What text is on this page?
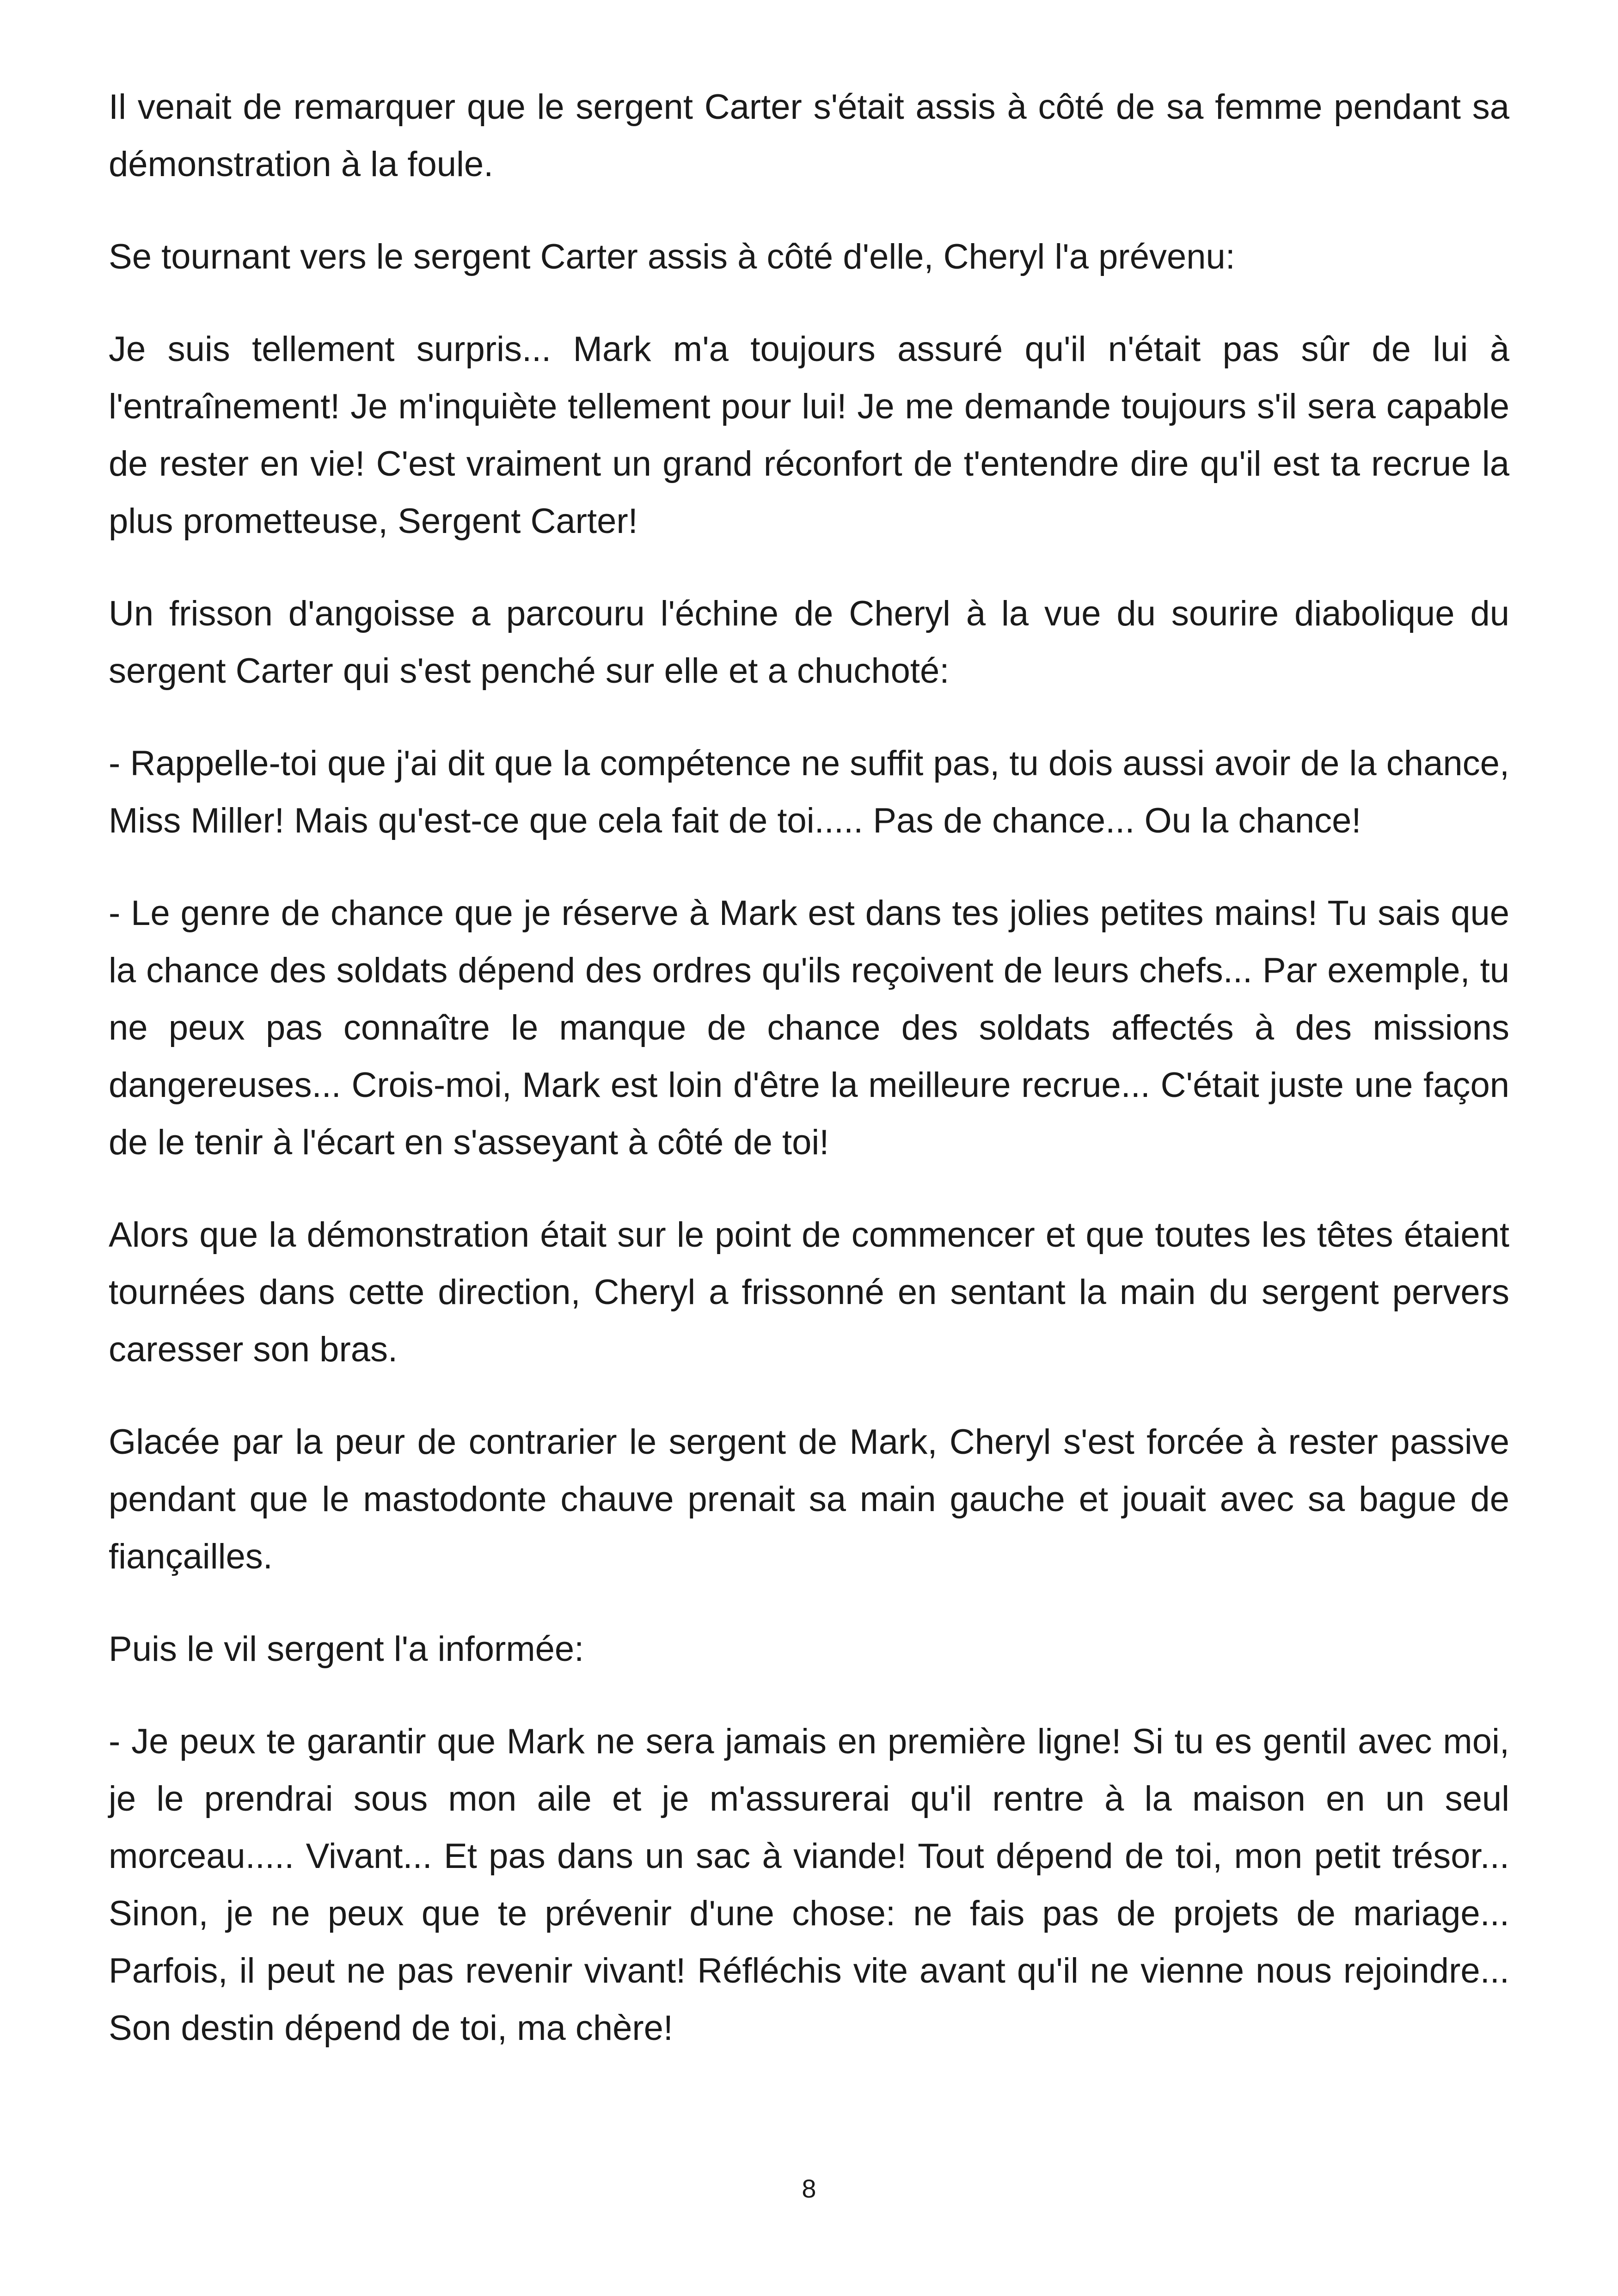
Il venait de remarquer que le sergent Carter s'était assis à côté de sa femme pendant sa démonstration à la foule.

Se tournant vers le sergent Carter assis à côté d'elle, Cheryl l'a prévenu:

Je suis tellement surpris... Mark m'a toujours assuré qu'il n'était pas sûr de lui à l'entraînement! Je m'inquiète tellement pour lui! Je me demande toujours s'il sera capable de rester en vie! C'est vraiment un grand réconfort de t'entendre dire qu'il est ta recrue la plus prometteuse, Sergent Carter!

Un frisson d'angoisse a parcouru l'échine de Cheryl à la vue du sourire diabolique du sergent Carter qui s'est penché sur elle et a chuchoté:

- Rappelle-toi que j'ai dit que la compétence ne suffit pas, tu dois aussi avoir de la chance, Miss Miller! Mais qu'est-ce que cela fait de toi..... Pas de chance... Ou la chance!

- Le genre de chance que je réserve à Mark est dans tes jolies petites mains! Tu sais que la chance des soldats dépend des ordres qu'ils reçoivent de leurs chefs... Par exemple, tu ne peux pas connaître le manque de chance des soldats affectés à des missions dangereuses... Crois-moi, Mark est loin d'être la meilleure recrue... C'était juste une façon de le tenir à l'écart en s'asseyant à côté de toi!

Alors que la démonstration était sur le point de commencer et que toutes les têtes étaient tournées dans cette direction, Cheryl a frissonné en sentant la main du sergent pervers caresser son bras.

Glacée par la peur de contrarier le sergent de Mark, Cheryl s'est forcée à rester passive pendant que le mastodonte chauve prenait sa main gauche et jouait avec sa bague de fiançailles.

Puis le vil sergent l'a informée:

- Je peux te garantir que Mark ne sera jamais en première ligne! Si tu es gentil avec moi, je le prendrai sous mon aile et je m'assurerai qu'il rentre à la maison en un seul morceau..... Vivant... Et pas dans un sac à viande! Tout dépend de toi, mon petit trésor... Sinon, je ne peux que te prévenir d'une chose: ne fais pas de projets de mariage... Parfois, il peut ne pas revenir vivant! Réfléchis vite avant qu'il ne vienne nous rejoindre... Son destin dépend de toi, ma chère!

8
